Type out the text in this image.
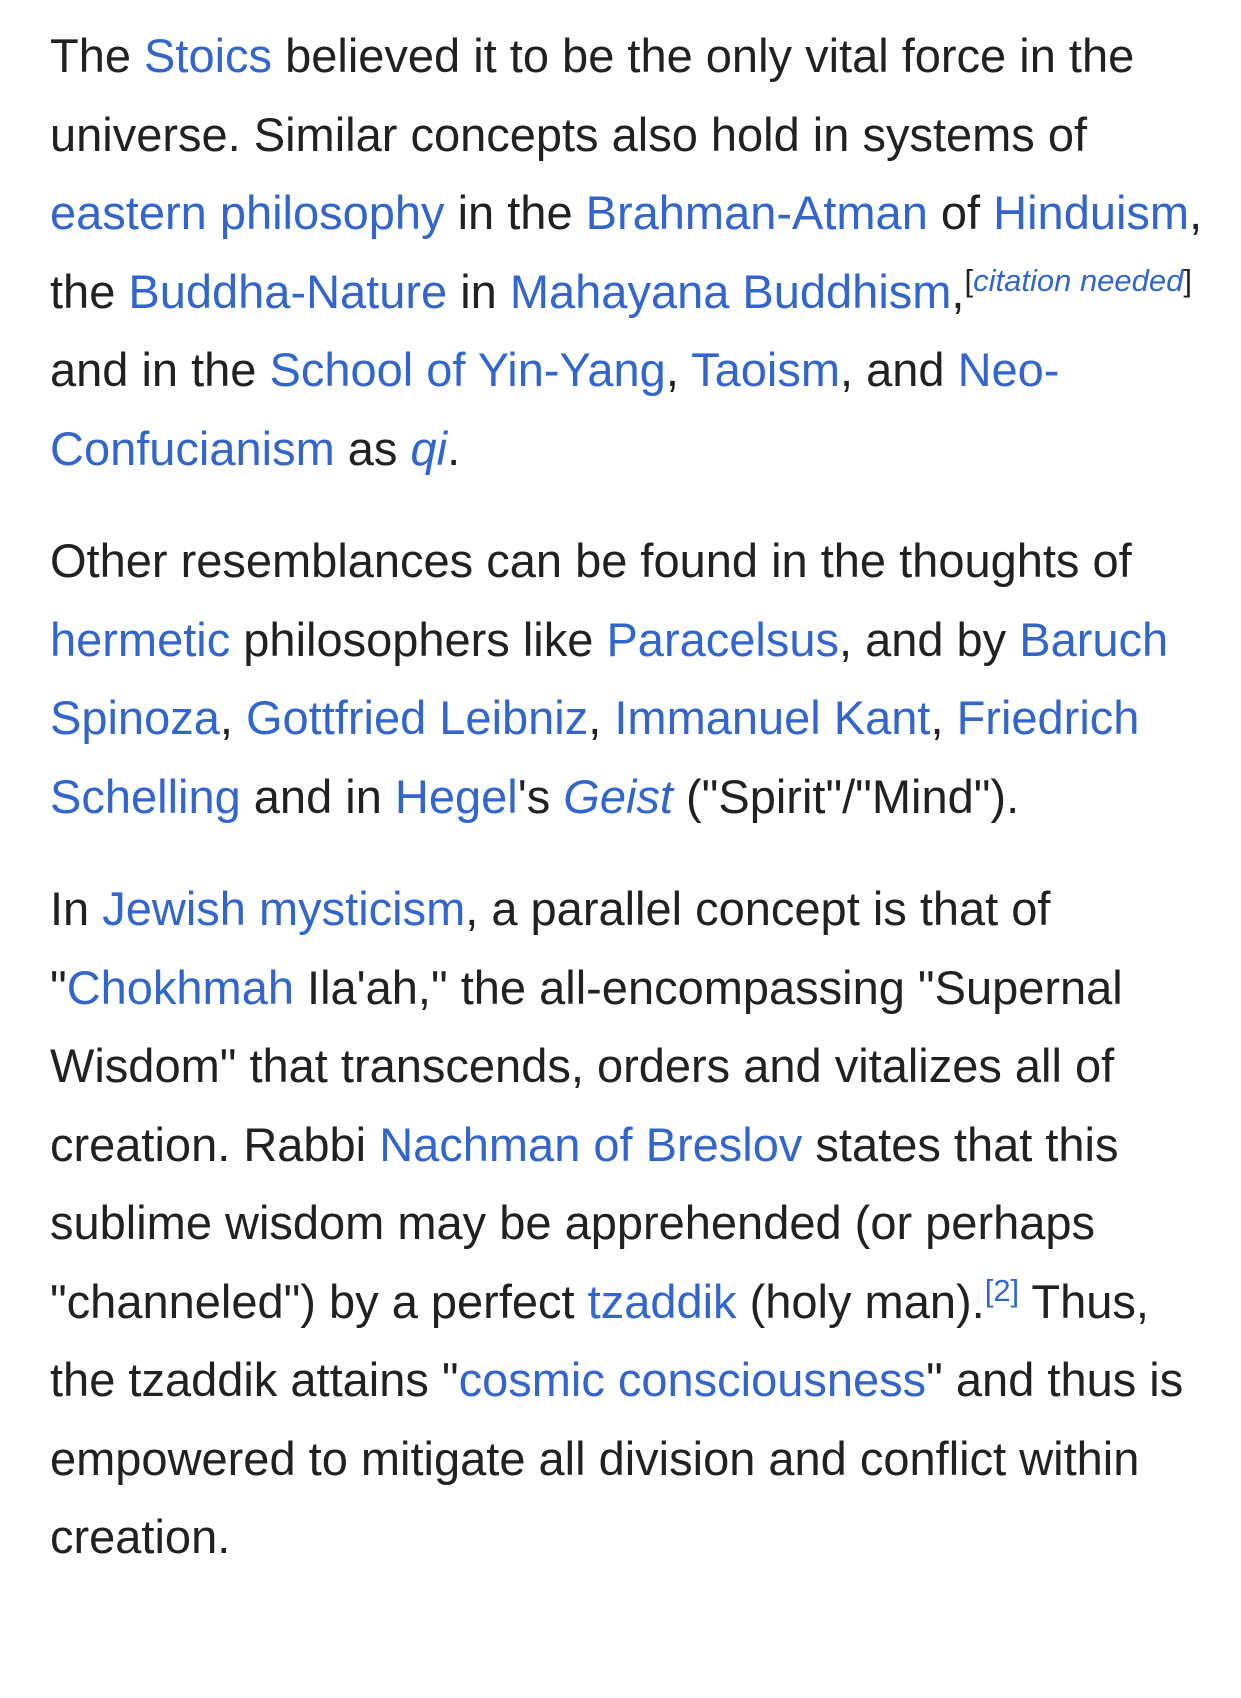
The Stoics believed it to be the only vital force in the universe. Similar concepts also hold in systems of eastern philosophy in the Brahman-Atman of Hinduism, the Buddha-Nature in Mahayana Buddhism,[citation needed] and in the School of Yin-Yang, Taoism, and Neo-Confucianism as qi.

Other resemblances can be found in the thoughts of hermetic philosophers like Paracelsus, and by Baruch Spinoza, Gottfried Leibniz, Immanuel Kant, Friedrich Schelling and in Hegel's Geist ("Spirit"/"Mind").

In Jewish mysticism, a parallel concept is that of "Chokhmah Ila'ah," the all-encompassing "Supernal Wisdom" that transcends, orders and vitalizes all of creation. Rabbi Nachman of Breslov states that this sublime wisdom may be apprehended (or perhaps "channeled") by a perfect tzaddik (holy man).[2] Thus, the tzaddik attains "cosmic consciousness" and thus is empowered to mitigate all division and conflict within creation.
